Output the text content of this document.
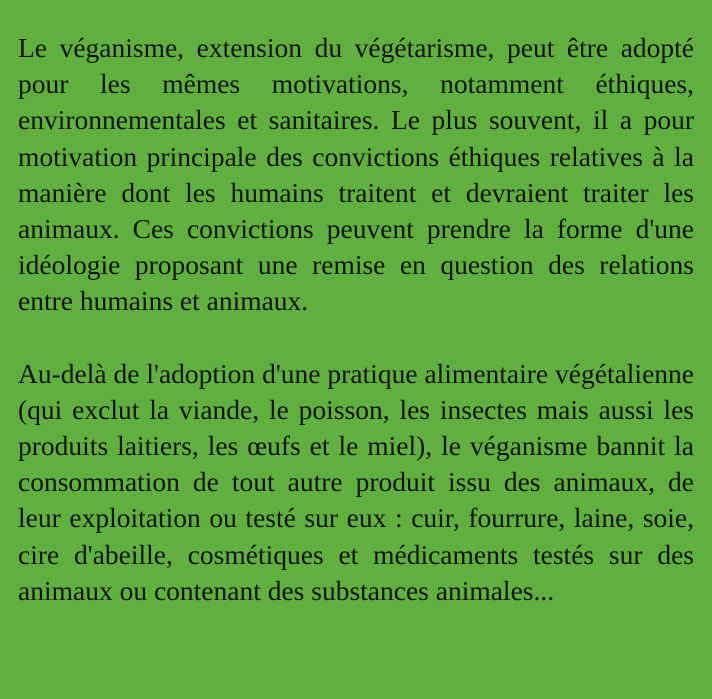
Le véganisme, extension du végétarisme, peut être adopté pour les mêmes motivations, notamment éthiques, environnementales et sanitaires. Le plus souvent, il a pour motivation principale des convictions éthiques relatives à la manière dont les humains traitent et devraient traiter les animaux. Ces convictions peuvent prendre la forme d'une idéologie proposant une remise en question des relations entre humains et animaux.

Au-delà de l'adoption d'une pratique alimentaire végétalienne (qui exclut la viande, le poisson, les insectes mais aussi les produits laitiers, les œufs et le miel), le véganisme bannit la consommation de tout autre produit issu des animaux, de leur exploitation ou testé sur eux : cuir, fourrure, laine, soie, cire d'abeille, cosmétiques et médicaments testés sur des animaux ou contenant des substances animales...
